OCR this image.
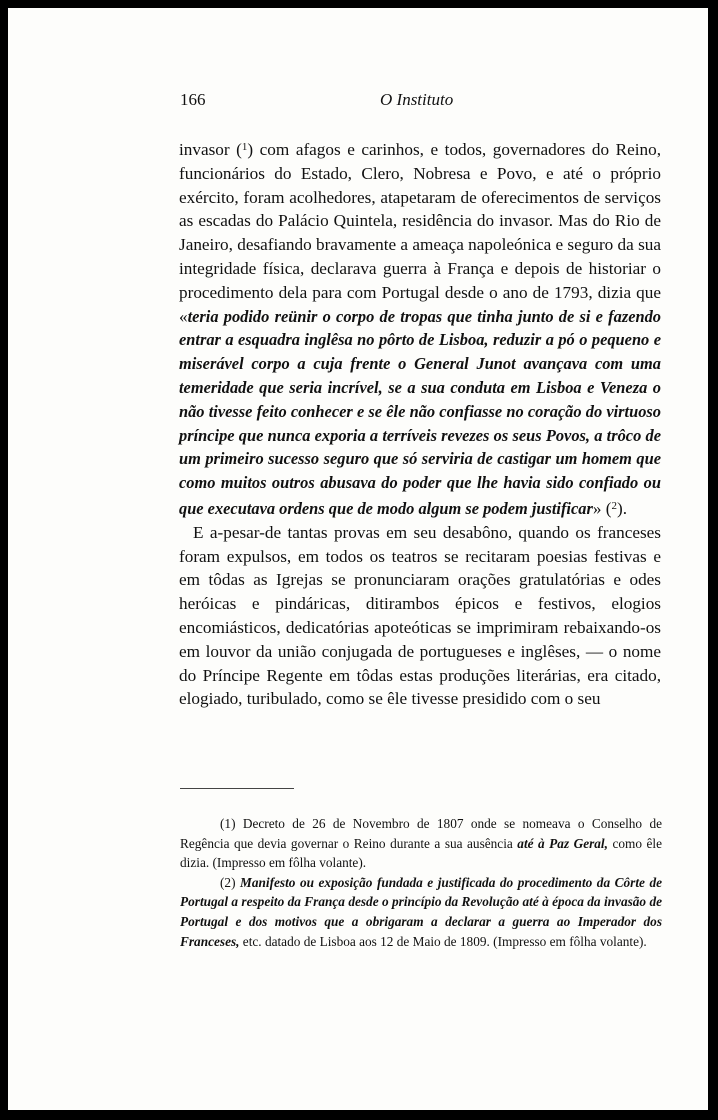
166	O Instituto

invasor ($^1$) com afagos e carinhos, e todos, governadores do Reino, funcionários do Estado, Clero, Nobresa e Povo, e até o próprio exército, foram acolhedores, atapetaram de oferecimentos de serviços as escadas do Palácio Quintela, residência do invasor. Mas do Rio de Janeiro, desafiando bravamente a ameaça napoleónica e seguro da sua integridade física, declarava guerra à França e depois de historiar o procedimento dela para com Portugal desde o ano de 1793, dizia que «teria podido reünir o corpo de tropas que tinha junto de si e fazendo entrar a esquadra inglêsa no pôrto de Lisboa, reduzir a pó o pequeno e miserável corpo a cuja frente o General Junot avançava com uma temeridade que seria incrível, se a sua conduta em Lisboa e Veneza o não tivesse feito conhecer e se êle não confiasse no coração do virtuoso príncipe que nunca exporia a terríveis revezes os seus Povos, a trôco de um primeiro sucesso seguro que só serviria de castigar um homem que como muitos outros abusava do poder que lhe havia sido confiado ou que executava ordens que de modo algum se podem justificar» ($^2$).

E a-pesar-de tantas provas em seu desabôno, quando os franceses foram expulsos, em todos os teatros se recitaram poesias festivas e em tôdas as Igrejas se pronunciaram orações gratulatórias e odes heróicas e pindáricas, ditirambos épicos e festivos, elogios encomiásticos, dedicatórias apoteóticas se imprimiram rebaixando-os em louvor da união conjugada de portugueses e inglêses, — o nome do Príncipe Regente em tôdas estas produções literárias, era citado, elogiado, turibulado, como se êle tivesse presidido com o seu

(1) Decreto de 26 de Novembro de 1807 onde se nomeava o Conselho de Regência que devia governar o Reino durante a sua ausência até à Paz Geral, como êle dizia. (Impresso em fôlha volante).

(2) Manifesto ou exposição fundada e justificada do procedimento da Côrte de Portugal a respeito da França desde o princípio da Revolução até à época da invasão de Portugal e dos motivos que a obrigaram a declarar a guerra ao Imperador dos Franceses, etc. datado de Lisboa aos 12 de Maio de 1809. (Impresso em fôlha volante).
